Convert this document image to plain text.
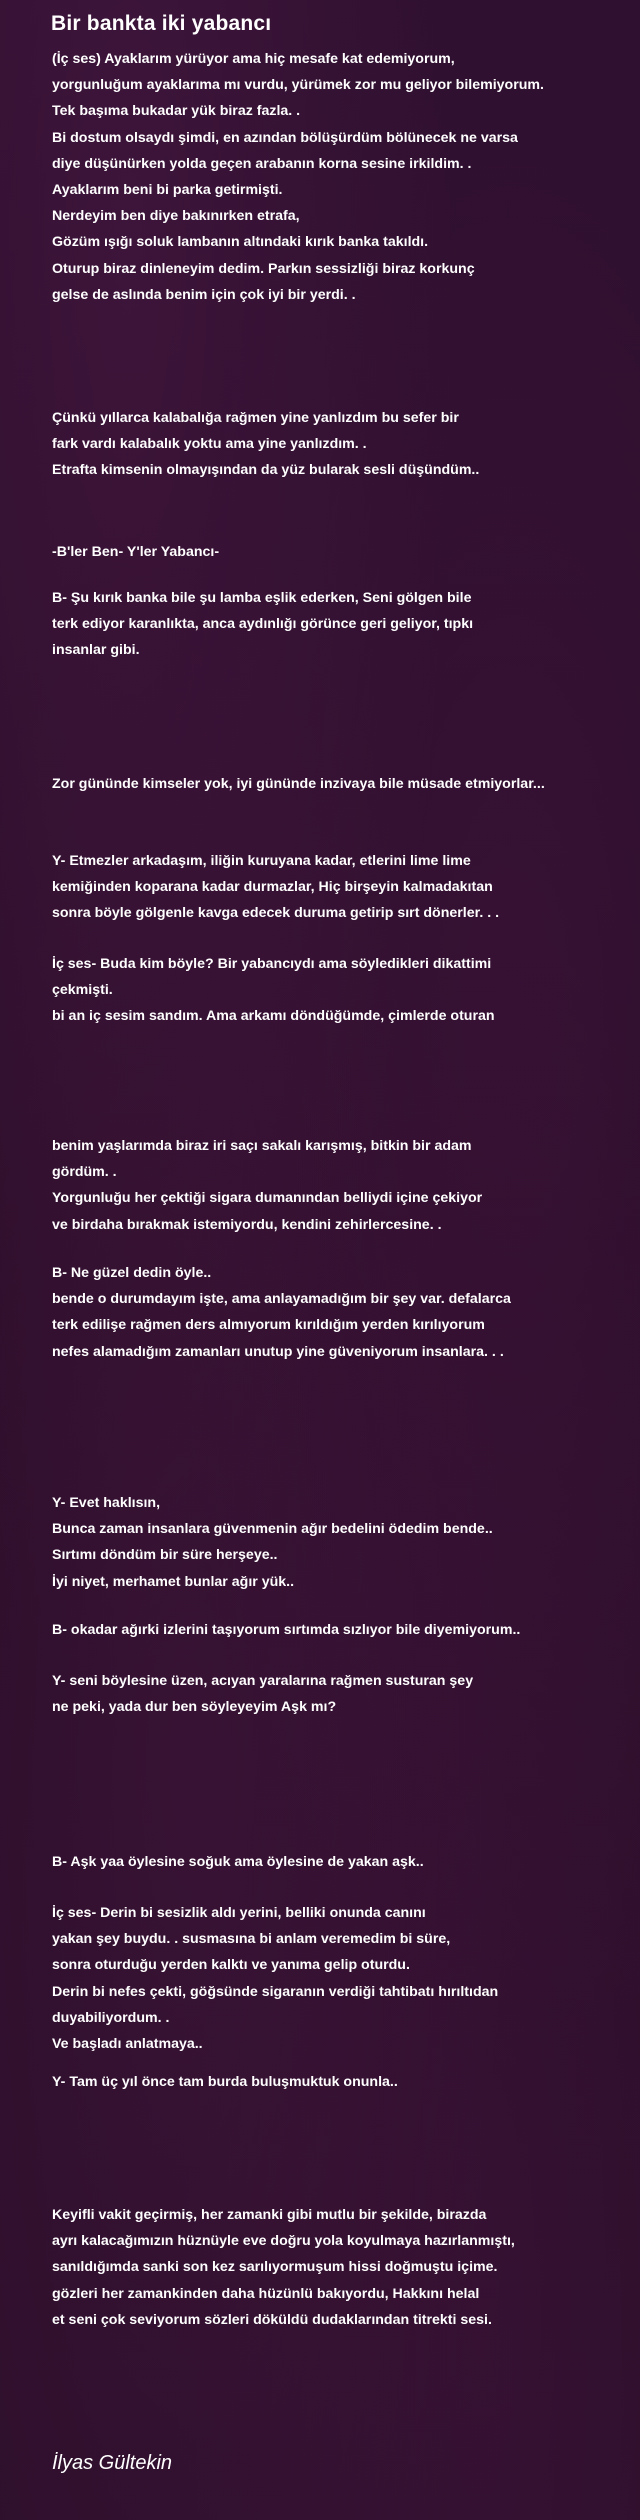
Bir bankta iki yabancı
(İç ses) Ayaklarım yürüyor ama hiç mesafe kat edemiyorum,
yorgunluğum ayaklarıma mı vurdu, yürümek zor mu geliyor bilemiyorum.
Tek başıma bukadar yük biraz fazla. .
Bi dostum olsaydı şimdi, en azından bölüşürdüm bölünecek ne varsa
diye düşünürken yolda geçen arabanın korna sesine irkildim. .
Ayaklarım beni bi parka getirmişti.
Nerdeyim ben diye bakınırken etrafa,
Gözüm ışığı soluk lambanın altındaki kırık banka takıldı.
Oturup biraz dinleneyim dedim. Parkın sessizliği biraz korkunç
gelse de aslında benim için çok iyi bir yerdi. .
Çünkü yıllarca kalabalığa rağmen yine yanlızdım bu sefer bir
fark vardı kalabalık yoktu ama yine yanlızdım. .
Etrafta kimsenin olmayışından da yüz bularak sesli düşündüm..
-B'ler Ben- Y'ler Yabancı-
B- Şu kırık banka bile şu lamba eşlik ederken, Seni gölgen bile
terk ediyor karanlıkta, anca aydınlığı görünce geri geliyor, tıpkı
insanlar gibi.
Zor gününde kimseler yok, iyi gününde inzivaya bile müsade etmiyorlar...
Y- Etmezler arkadaşım, iliğin kuruyana kadar, etlerini lime lime
kemiğinden koparana kadar durmazlar, Hiç birşeyin kalmadakıtan
sonra böyle gölgenle kavga edecek duruma getirip sırt dönerler. . .
İç ses- Buda kim böyle? Bir yabancıydı ama söyledikleri dikattimi
çekmişti.
bi an iç sesim sandım. Ama arkamı döndüğümde, çimlerde oturan
benim yaşlarımda biraz iri saçı sakalı karışmış, bitkin bir adam
gördüm. .
Yorgunluğu her çektiği sigara dumanından belliydi içine çekiyor
ve birdaha bırakmak istemiyordu, kendini zehirlercesine. .
B- Ne güzel dedin öyle..
bende o durumdayım işte, ama anlayamadığım bir şey var. defalarca
terk edilişe rağmen ders almıyorum kırıldığım yerden kırılıyorum
nefes alamadığım zamanları unutup yine güveniyorum insanlara. . .
Y- Evet haklısın,
Bunca zaman insanlara güvenmenin ağır bedelini ödedim bende..
Sırtımı döndüm bir süre herşeye..
İyi niyet, merhamet bunlar ağır yük..
B- okadar ağırki izlerini taşıyorum sırtımda sızlıyor bile diyemiyorum..
Y- seni böylesine üzen, acıyan yaralarına rağmen susturan şey
ne peki, yada dur ben söyleyeyim Aşk mı?
B- Aşk yaa öylesine soğuk ama öylesine de yakan aşk..
İç ses- Derin bi sesizlik aldı yerini, belliki onunda canını
yakan şey buydu. . susmasına bi anlam veremedim bi süre,
sonra oturduğu yerden kalktı ve yanıma gelip oturdu.
Derin bi nefes çekti, göğsünde sigaranın verdiği tahtibatı hırıltıdan
duyabiliyordum. .
Ve başladı anlatmaya..
Y- Tam üç yıl önce tam burda buluşmuktuk onunla..
Keyifli vakit geçirmiş, her zamanki gibi mutlu bir şekilde, birazda
ayrı kalacağımızın hüznüyle eve doğru yola koyulmaya hazırlanmıştı,
sanıldığımda sanki son kez sarılıyormuşum hissi doğmuştu içime.
gözleri her zamankinden daha hüzünlü bakıyordu, Hakkını helal
et seni çok seviyorum sözleri döküldü dudaklarından titrekti sesi.
İlyas Gültekin
